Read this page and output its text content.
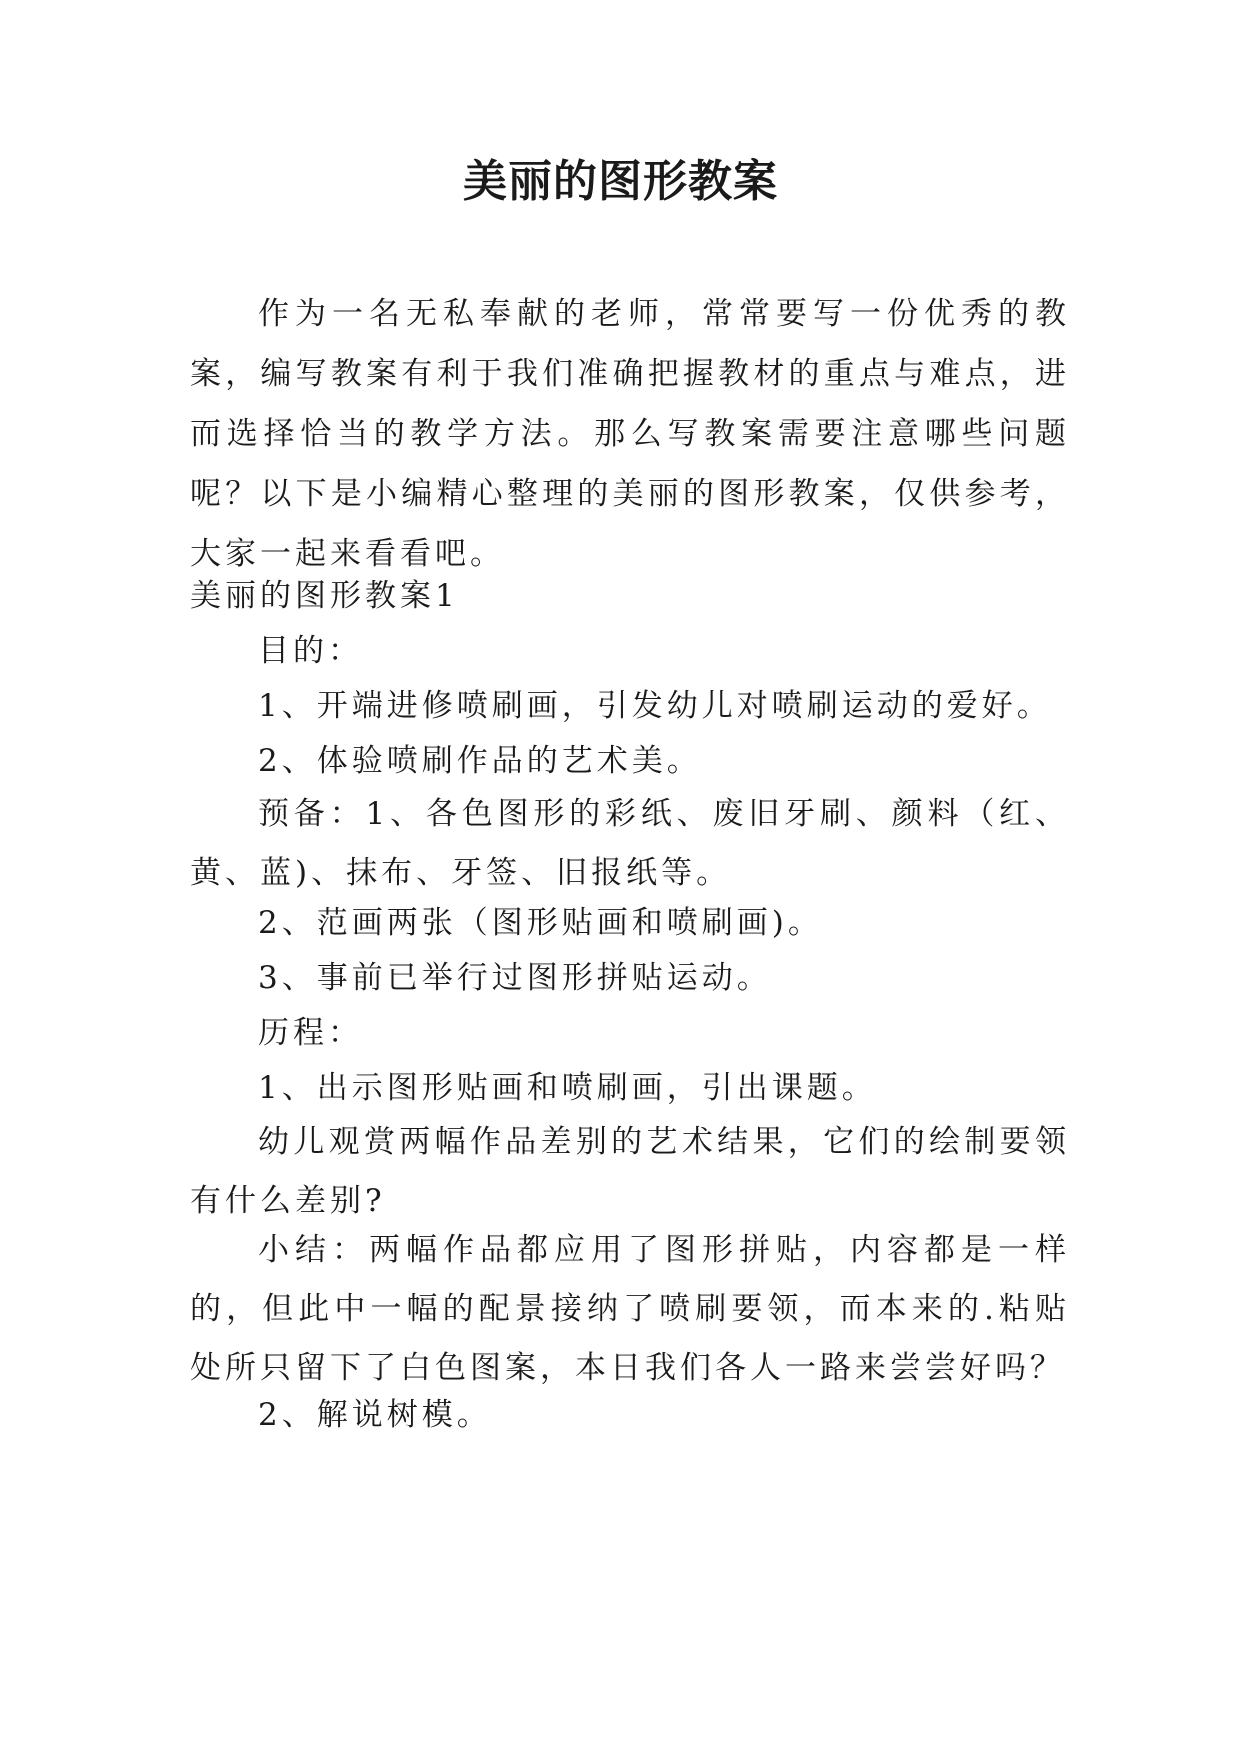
美丽的图形教案

作为一名无私奉献的老师，常常要写一份优秀的教案，编写教案有利于我们准确把握教材的重点与难点，进而选择恰当的教学方法。那么写教案需要注意哪些问题呢？以下是小编精心整理的美丽的图形教案，仅供参考，大家一起来看看吧。

美丽的图形教案1

目的：

1、开端进修喷刷画，引发幼儿对喷刷运动的爱好。

2、体验喷刷作品的艺术美。

预备：1、各色图形的彩纸、废旧牙刷、颜料（红、黄、蓝)、抹布、牙签、旧报纸等。

2、范画两张（图形贴画和喷刷画)。

3、事前已举行过图形拼贴运动。

历程：

1、出示图形贴画和喷刷画，引出课题。

幼儿观赏两幅作品差别的艺术结果，它们的绘制要领有什么差别?

小结：两幅作品都应用了图形拼贴，内容都是一样的，但此中一幅的配景接纳了喷刷要领，而本来的.粘贴处所只留下了白色图案，本日我们各人一路来尝尝好吗？

2、解说树模。
